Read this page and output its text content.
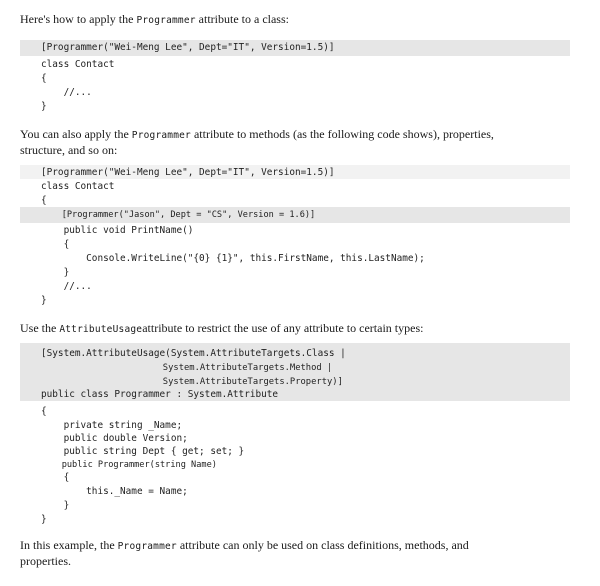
Here's how to apply the Programmer attribute to a class:
[Programmer("Wei-Meng Lee", Dept="IT", Version=1.5)]
class Contact
{
//...
}
You can also apply the Programmer attribute to methods (as the following code shows), properties,
structure, and so on:
[Programmer("Wei-Meng Lee", Dept="IT", Version=1.5)]
class Contact
{
[Programmer("Jason", Dept = "CS", Version = 1.6)]
public void PrintName()
{
Console.WriteLine("{0} {1}", this.FirstName, this.LastName);
}
//...
}
Use the AttributeUsageattribute to restrict the use of any attribute to certain types:
[System.AttributeUsage(System.AttributeTargets.Class |
System.AttributeTargets.Method |
System.AttributeTargets.Property)]
public class Programmer : System.Attribute
{
private string _Name;
public double Version;
public string Dept { get; set; }
public Programmer(string Name)
{
this._Name = Name;
}
}
In this example, the Programmer attribute can only be used on class definitions, methods, and
properties.
